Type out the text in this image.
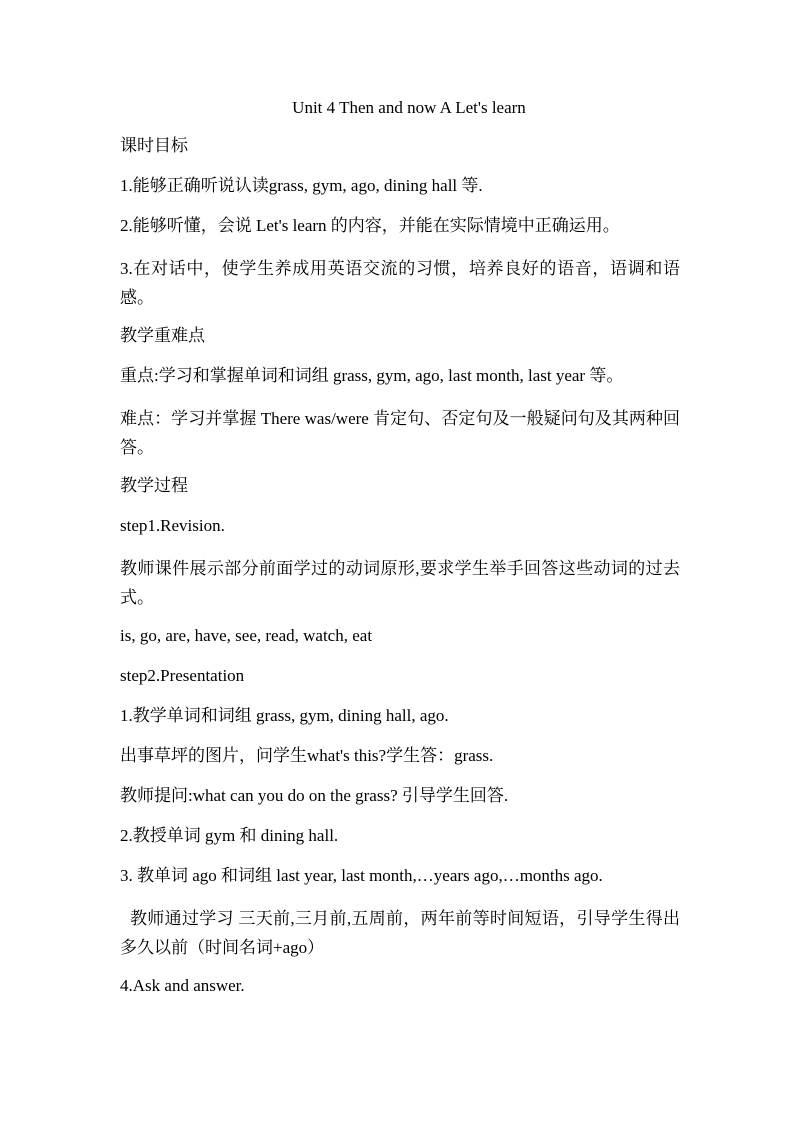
Unit 4 Then and now A Let's learn
课时目标
1.能够正确听说认读grass, gym, ago, dining hall 等.
2.能够听懂，会说 Let's learn 的内容，并能在实际情境中正确运用。
3.在对话中，使学生养成用英语交流的习惯，培养良好的语音，语调和语感。
教学重难点
重点:学习和掌握单词和词组 grass, gym, ago, last month, last year 等。
难点：学习并掌握 There was/were 肯定句、否定句及一般疑问句及其两种回答。
教学过程
step1.Revision.
教师课件展示部分前面学过的动词原形,要求学生举手回答这些动词的过去式。
is, go, are, have, see, read, watch, eat
step2.Presentation
1.教学单词和词组 grass, gym, dining hall, ago.
出事草坪的图片，问学生what's this?学生答：grass.
教师提问:what can you do on the grass? 引导学生回答.
2.教授单词 gym 和 dining hall.
3. 教单词 ago 和词组 last year, last month,…years ago,…months ago.
教师通过学习 三天前,三月前,五周前，两年前等时间短语，引导学生得出多久以前（时间名词+ago）
4.Ask and answer.
